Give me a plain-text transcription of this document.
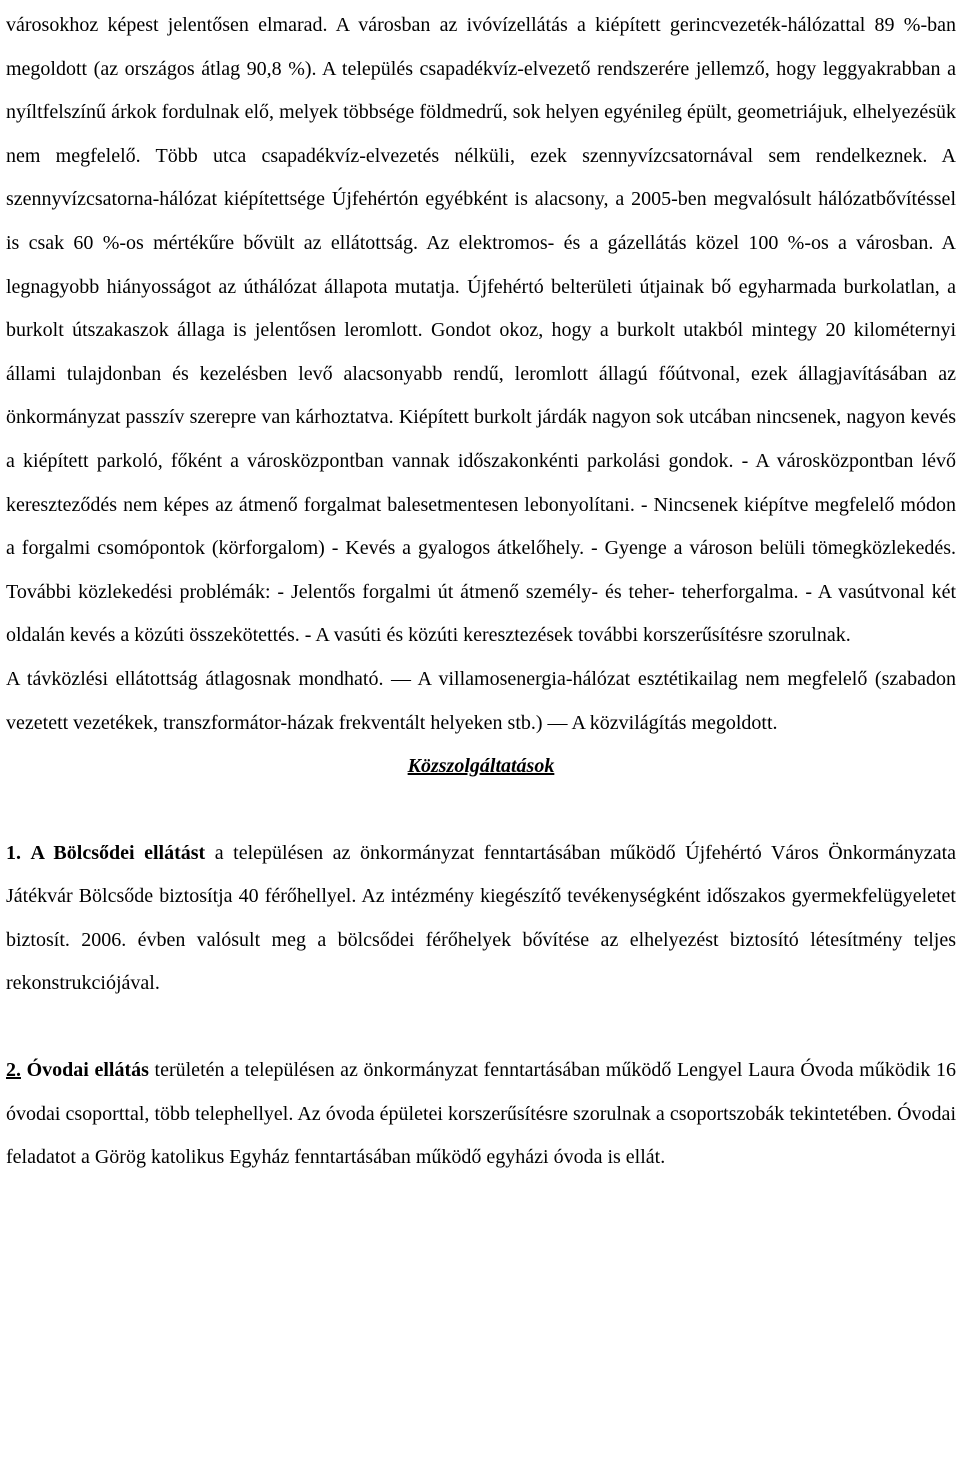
városokhoz képest jelentősen elmarad. A városban az ivóvízellátás a kiépített gerincvezeték-hálózattal 89 %-ban megoldott (az országos átlag 90,8 %). A település csapadékvíz-elvezető rendszerére jellemző, hogy leggyakrabban a nyíltfelszínű árkok fordulnak elő, melyek többsége földmedrű, sok helyen egyénileg épült, geometriájuk, elhelyezésük nem megfelelő. Több utca csapadékvíz-elvezetés nélküli, ezek szennyvízcsatornával sem rendelkeznek. A szennyvízcsatorna-hálózat kiépítettsége Újfehértón egyébként is alacsony, a 2005-ben megvalósult hálózatbővítéssel is csak 60 %-os mértékűre bővült az ellátottság. Az elektromos- és a gázellátás közel 100 %-os a városban. A legnagyobb hiányosságot az úthálózat állapota mutatja. Újfehértó belterületi útjainak bő egyharmada burkolatlan, a burkolt útszakaszok állaga is jelentősen leromlott. Gondot okoz, hogy a burkolt utakból mintegy 20 kilométernyi állami tulajdonban és kezelésben levő alacsonyabb rendű, leromlott állagú főútvonal, ezek állagjavításában az önkormányzat passzív szerepre van kárhoztatva. Kiépített burkolt járdák nagyon sok utcában nincsenek, nagyon kevés a kiépített parkoló, főként a városközpontban vannak időszakonkénti parkolási gondok. - A városközpontban lévő kereszteződés nem képes az átmenő forgalmat balesetmentesen lebonyolítani. - Nincsenek kiépítve megfelelő módon a forgalmi csomópontok (körforgalom) - Kevés a gyalogos átkelőhely. - Gyenge a városon belüli tömegközlekedés. További közlekedési problémák: - Jelentős forgalmi út átmenő személy- és teher- teherforgalma. - A vasútvonal két oldalán kevés a közúti összekötettés. - A vasúti és közúti keresztezések további korszerűsítésre szorulnak.

A távközlési ellátottság átlagosnak mondható. ― A villamosenergia-hálózat esztétikailag nem megfelelő (szabadon vezetett vezetékek, transzformátor-házak frekventált helyeken stb.) ― A közvilágítás megoldott.

Közszolgáltatások

1. A Bölcsődei ellátást a településen az önkormányzat fenntartásában működő Újfehértó Város Önkormányzata Játékvár Bölcsőde biztosítja 40 férőhellyel. Az intézmény kiegészítő tevékenységként időszakos gyermekfelügyeletet biztosít. 2006. évben valósult meg a bölcsődei férőhelyek bővítése az elhelyezést biztosító létesítmény teljes rekonstrukciójával.

2. Óvodai ellátás területén a településen az önkormányzat fenntartásában működő Lengyel Laura Óvoda működik 16 óvodai csoporttal, több telephellyel. Az óvoda épületei korszerűsítésre szorulnak a csoportszobák tekintetében. Óvodai feladatot a Görög katolikus Egyház fenntartásában működő egyházi óvoda is ellát.
